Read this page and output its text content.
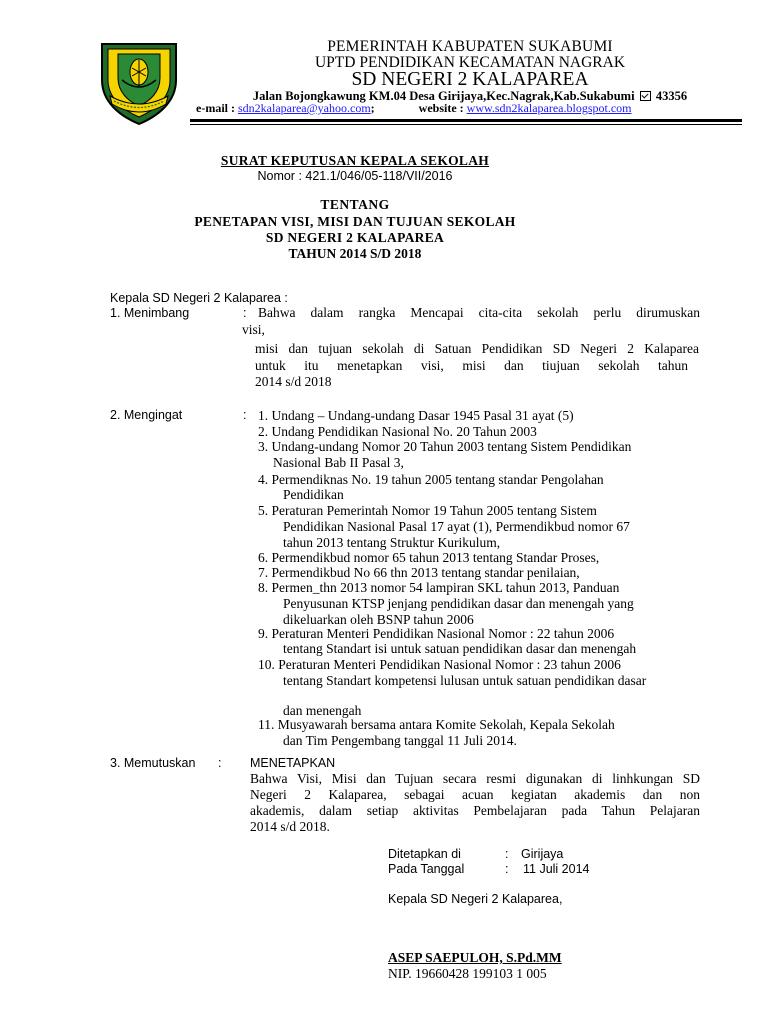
PEMERINTAH KABUPATEN SUKABUMI
UPTD PENDIDIKAN KECAMATAN NAGRAK
SD NEGERI 2 KALAPAREA
Jalan Bojongkawung KM.04 Desa Girijaya,Kec.Nagrak,Kab.Sukabumi 43356
e-mail : sdn2kalaparea@yahoo.com;	website : www.sdn2kalaparea.blogspot.com
SURAT KEPUTUSAN KEPALA SEKOLAH
Nomor : 421.1/046/05-118/VII/2016
TENTANG
PENETAPAN VISI, MISI DAN TUJUAN SEKOLAH
SD NEGERI 2 KALAPAREA
TAHUN 2014 S/D 2018
Kepala SD Negeri 2 Kalaparea :
1. Menimbang	: Bahwa dalam rangka Mencapai cita-cita sekolah perlu dirumuskan
visi,
misi dan tujuan sekolah di Satuan Pendidikan SD Negeri 2 Kalaparea
untuk itu menetapkan visi, misi dan tiujuan sekolah tahun
2014 s/d 2018
2. Mengingat	: 1. Undang – Undang-undang Dasar 1945 Pasal 31 ayat (5)
2. Undang Pendidikan Nasional No. 20 Tahun 2003
3. Undang-undang Nomor 20 Tahun 2003 tentang Sistem Pendidikan
Nasional Bab II Pasal 3,
4. Permendiknas No. 19 tahun 2005 tentang standar Pengolahan
Pendidikan
5. Peraturan Pemerintah Nomor 19 Tahun 2005 tentang Sistem
Pendidikan Nasional Pasal 17 ayat (1), Permendikbud nomor 67
tahun 2013 tentang Struktur Kurikulum,
6. Permendikbud nomor 65 tahun 2013 tentang Standar Proses,
7. Permendikbud No 66 thn 2013 tentang standar penilaian,
8. Permen_thn 2013 nomor 54 lampiran SKL tahun 2013, Panduan
Penyusunan KTSP jenjang pendidikan dasar dan menengah yang
dikeluarkan oleh BSNP tahun 2006
9. Peraturan Menteri Pendidikan Nasional Nomor : 22 tahun 2006
tentang Standart isi untuk satuan pendidikan dasar dan menengah
10. Peraturan Menteri Pendidikan Nasional Nomor : 23 tahun 2006
tentang Standart kompetensi lulusan untuk satuan pendidikan dasar
dan menengah
11. Musyawarah bersama antara Komite Sekolah, Kepala Sekolah
dan Tim Pengembang tanggal 11 Juli 2014.
3. Memutuskan : MENETAPKAN
Bahwa Visi, Misi dan Tujuan secara resmi digunakan di linhkungan SD
Negeri 2 Kalaparea, sebagai acuan kegiatan akademis dan non
akademis, dalam setiap aktivitas Pembelajaran pada Tahun Pelajaran
2014 s/d 2018.
Ditetapkan di	: Girijaya
Pada Tanggal	: 11 Juli 2014
Kepala SD Negeri 2 Kalaparea,
ASEP SAEPULOH, S.Pd.MM
NIP. 19660428 199103 1 005
